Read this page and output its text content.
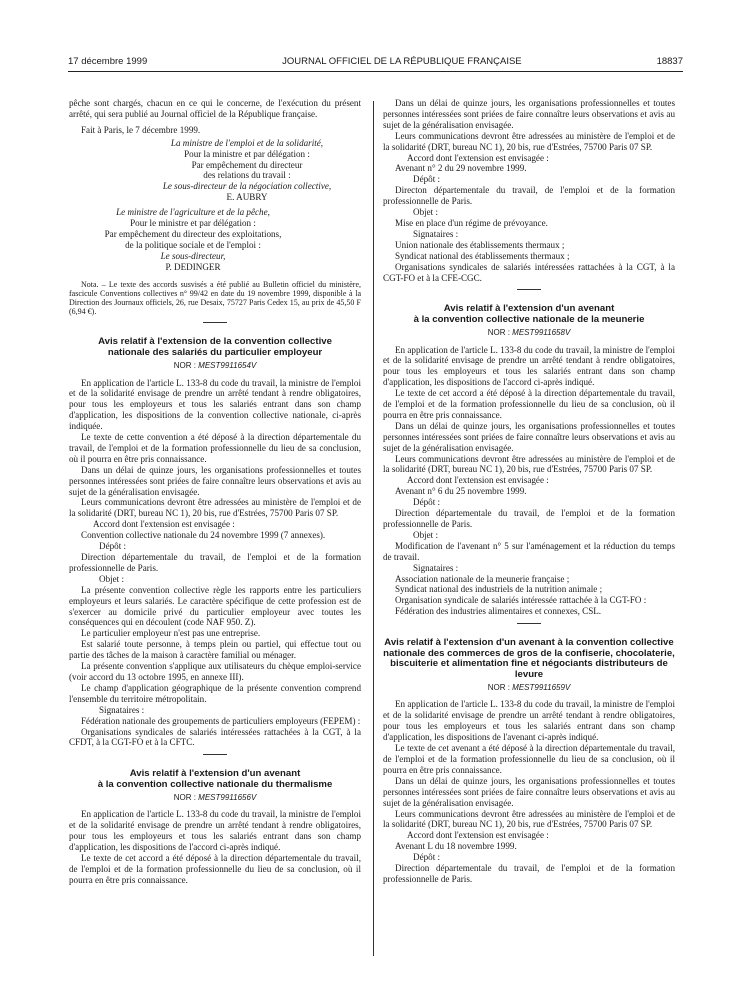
17 décembre 1999	JOURNAL OFFICIEL DE LA RÉPUBLIQUE FRANÇAISE	18837

pêche sont chargés, chacun en ce qui le concerne, de l'exécution du présent arrêté, qui sera publié au Journal officiel de la République française.

Fait à Paris, le 7 décembre 1999.

La ministre de l'emploi et de la solidarité,

Pour la ministre et par délégation :

Par empêchement du directeur

des relations du travail :

Le sous-directeur de la négociation collective,

E. AUBRY

Le ministre de l'agriculture et de la pêche,

Pour le ministre et par délégation :

Par empêchement du directeur des exploitations,

de la politique sociale et de l'emploi :

Le sous-directeur,

P. DEDINGER

Nota. – Le texte des accords susvisés a été publié au Bulletin officiel du ministère, fascicule Conventions collectives n° 99/42 en date du 19 novembre 1999, disponible à la Direction des Journaux officiels, 26, rue Desaix, 75727 Paris Cedex 15, au prix de 45,50 F (6,94 €).

Avis relatif à l'extension de la convention collective
nationale des salariés du particulier employeur
NOR : MEST9911654V

En application de l'article L. 133-8 du code du travail, la ministre de l'emploi et de la solidarité envisage de prendre un arrêté tendant à rendre obligatoires, pour tous les employeurs et tous les salariés entrant dans son champ d'application, les dispositions de la convention collective nationale, ci-après indiquée.

Le texte de cette convention a été déposé à la direction départementale du travail, de l'emploi et de la formation professionnelle du lieu de sa conclusion, où il pourra en être pris connaissance.

Dans un délai de quinze jours, les organisations professionnelles et toutes personnes intéressées sont priées de faire connaître leurs observations et avis au sujet de la généralisation envisagée.

Leurs communications devront être adressées au ministère de l'emploi et de la solidarité (DRT, bureau NC 1), 20 bis, rue d'Estrées, 75700 Paris 07 SP.

Accord dont l'extension est envisagée :

Convention collective nationale du 24 novembre 1999 (7 annexes).

Dépôt :

Direction départementale du travail, de l'emploi et de la formation professionnelle de Paris.

Objet :

La présente convention collective règle les rapports entre les particuliers employeurs et leurs salariés. Le caractère spécifique de cette profession est de s'exercer au domicile privé du particulier employeur avec toutes les conséquences qui en découlent (code NAF 950. Z).

Le particulier employeur n'est pas une entreprise.

Est salarié toute personne, à temps plein ou partiel, qui effectue tout ou partie des tâches de la maison à caractère familial ou ménager.

La présente convention s'applique aux utilisateurs du chèque emploi-service (voir accord du 13 octobre 1995, en annexe III).

Le champ d'application géographique de la présente convention comprend l'ensemble du territoire métropolitain.

Signataires :

Fédération nationale des groupements de particuliers employeurs (FEPEM) :

Organisations syndicales de salariés intéressées rattachées à la CGT, à la CFDT, à la CGT-FO et à la CFTC.

Avis relatif à l'extension d'un avenant
à la convention collective nationale du thermalisme
NOR : MEST9911656V

En application de l'article L. 133-8 du code du travail, la ministre de l'emploi et de la solidarité envisage de prendre un arrêté tendant à rendre obligatoires, pour tous les employeurs et tous les salariés entrant dans son champ d'application, les dispositions de l'accord ci-après indiqué.

Le texte de cet accord a été déposé à la direction départementale du travail, de l'emploi et de la formation professionnelle du lieu de sa conclusion, où il pourra en être pris connaissance.

Dans un délai de quinze jours, les organisations professionnelles et toutes personnes intéressées sont priées de faire connaître leurs observations et avis au sujet de la généralisation envisagée.

Leurs communications devront être adressées au ministère de l'emploi et de la solidarité (DRT, bureau NC 1), 20 bis, rue d'Estrées, 75700 Paris 07 SP.

Accord dont l'extension est envisagée :

Avenant n° 2 du 29 novembre 1999.

Dépôt :

Directon départementale du travail, de l'emploi et de la formation professionnelle de Paris.

Objet :

Mise en place d'un régime de prévoyance.

Signataires :

Union nationale des établissements thermaux ;

Syndicat national des établissements thermaux ;

Organisations syndicales de salariés intéressées rattachées à la CGT, à la CGT-FO et à la CFE-CGC.

Avis relatif à l'extension d'un avenant
à la convention collective nationale de la meunerie
NOR : MEST9911658V

En application de l'article L. 133-8 du code du travail, la ministre de l'emploi et de la solidarité envisage de prendre un arrêté tendant à rendre obligatoires, pour tous les employeurs et tous les salariés entrant dans son champ d'application, les dispositions de l'accord ci-après indiqué.

Le texte de cet accord a été déposé à la direction départementale du travail, de l'emploi et de la formation professionnelle du lieu de sa conclusion, où il pourra en être pris connaissance.

Dans un délai de quinze jours, les organisations professionnelles et toutes personnes intéressées sont priées de faire connaître leurs observations et avis au sujet de la généralisation envisagée.

Leurs communications devront être adressées au ministère de l'emploi et de la solidarité (DRT, bureau NC 1), 20 bis, rue d'Estrées, 75700 Paris 07 SP.

Accord dont l'extension est envisagée :

Avenant n° 6 du 25 novembre 1999.

Dépôt :

Direction départementale du travail, de l'emploi et de la formation professionnelle de Paris.

Objet :

Modification de l'avenant n° 5 sur l'aménagement et la réduction du temps de travail.

Signataires :

Association nationale de la meunerie française ;

Syndicat national des industriels de la nutrition animale ;

Organisation syndicale de salariés intéressée rattachée à la CGT-FO :

Fédération des industries alimentaires et connexes, CSL.

Avis relatif à l'extension d'un avenant à la convention collective nationale des commerces de gros de la confiserie, chocolaterie, biscuiterie et alimentation fine et négociants distributeurs de levure
NOR : MEST9911659V

En application de l'article L. 133-8 du code du travail, la ministre de l'emploi et de la solidarité envisage de prendre un arrêté tendant à rendre obligatoires, pour tous les employeurs et tous les salariés entrant dans son champ d'application, les dispositions de l'avenant ci-après indiqué.

Le texte de cet avenant a été déposé à la direction départementale du travail, de l'emploi et de la formation professionnelle du lieu de sa conclusion, où il pourra en être pris connaissance.

Dans un délai de quinze jours, les organisations professionnelles et toutes personnes intéressées sont priées de faire connaître leurs observations et avis au sujet de la généralisation envisagée.

Leurs communications devront être adressées au ministère de l'emploi et de la solidarité (DRT, bureau NC 1), 20 bis, rue d'Estrées, 75700 Paris 07 SP.

Accord dont l'extension est envisagée :

Avenant L du 18 novembre 1999.

Dépôt :

Direction départementale du travail, de l'emploi et de la formation professionnelle de Paris.
